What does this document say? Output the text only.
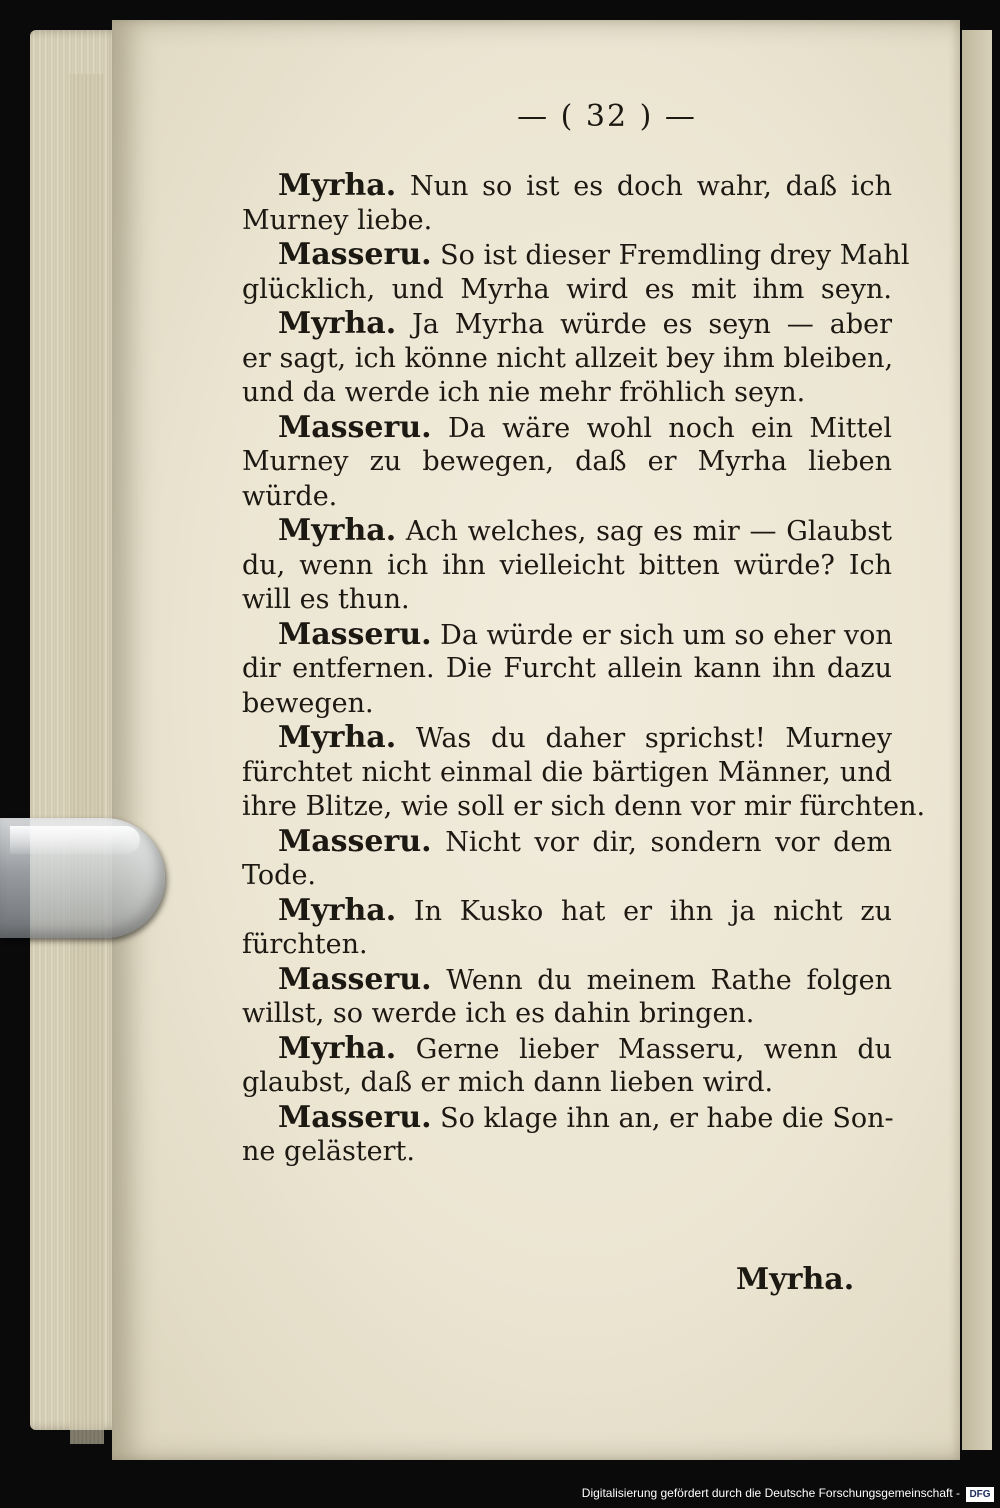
— ( 32 ) —
Myrha. Nun so ist es doch wahr, daß ich
Murney liebe.
Masseru. So ist dieser Fremdling drey Mahl
glücklich, und Myrha wird es mit ihm seyn.
Myrha. Ja Myrha würde es seyn — aber
er sagt, ich könne nicht allzeit bey ihm bleiben,
und da werde ich nie mehr fröhlich seyn.
Masseru. Da wäre wohl noch ein Mittel
Murney zu bewegen, daß er Myrha lieben
würde.
Myrha. Ach welches, sag es mir — Glaubst
du, wenn ich ihn vielleicht bitten würde? Ich
will es thun.
Masseru. Da würde er sich um so eher von
dir entfernen. Die Furcht allein kann ihn dazu
bewegen.
Myrha. Was du daher sprichst! Murney
fürchtet nicht einmal die bärtigen Männer, und
ihre Blitze, wie soll er sich denn vor mir fürchten.
Masseru. Nicht vor dir, sondern vor dem
Tode.
Myrha. In Kusko hat er ihn ja nicht zu
fürchten.
Masseru. Wenn du meinem Rathe folgen
willst, so werde ich es dahin bringen.
Myrha. Gerne lieber Masseru, wenn du
glaubst, daß er mich dann lieben wird.
Masseru. So klage ihn an, er habe die Son-
ne gelästert.
Myrha.
Digitalisierung gefördert durch die Deutsche Forschungsgemeinschaft - DFG
